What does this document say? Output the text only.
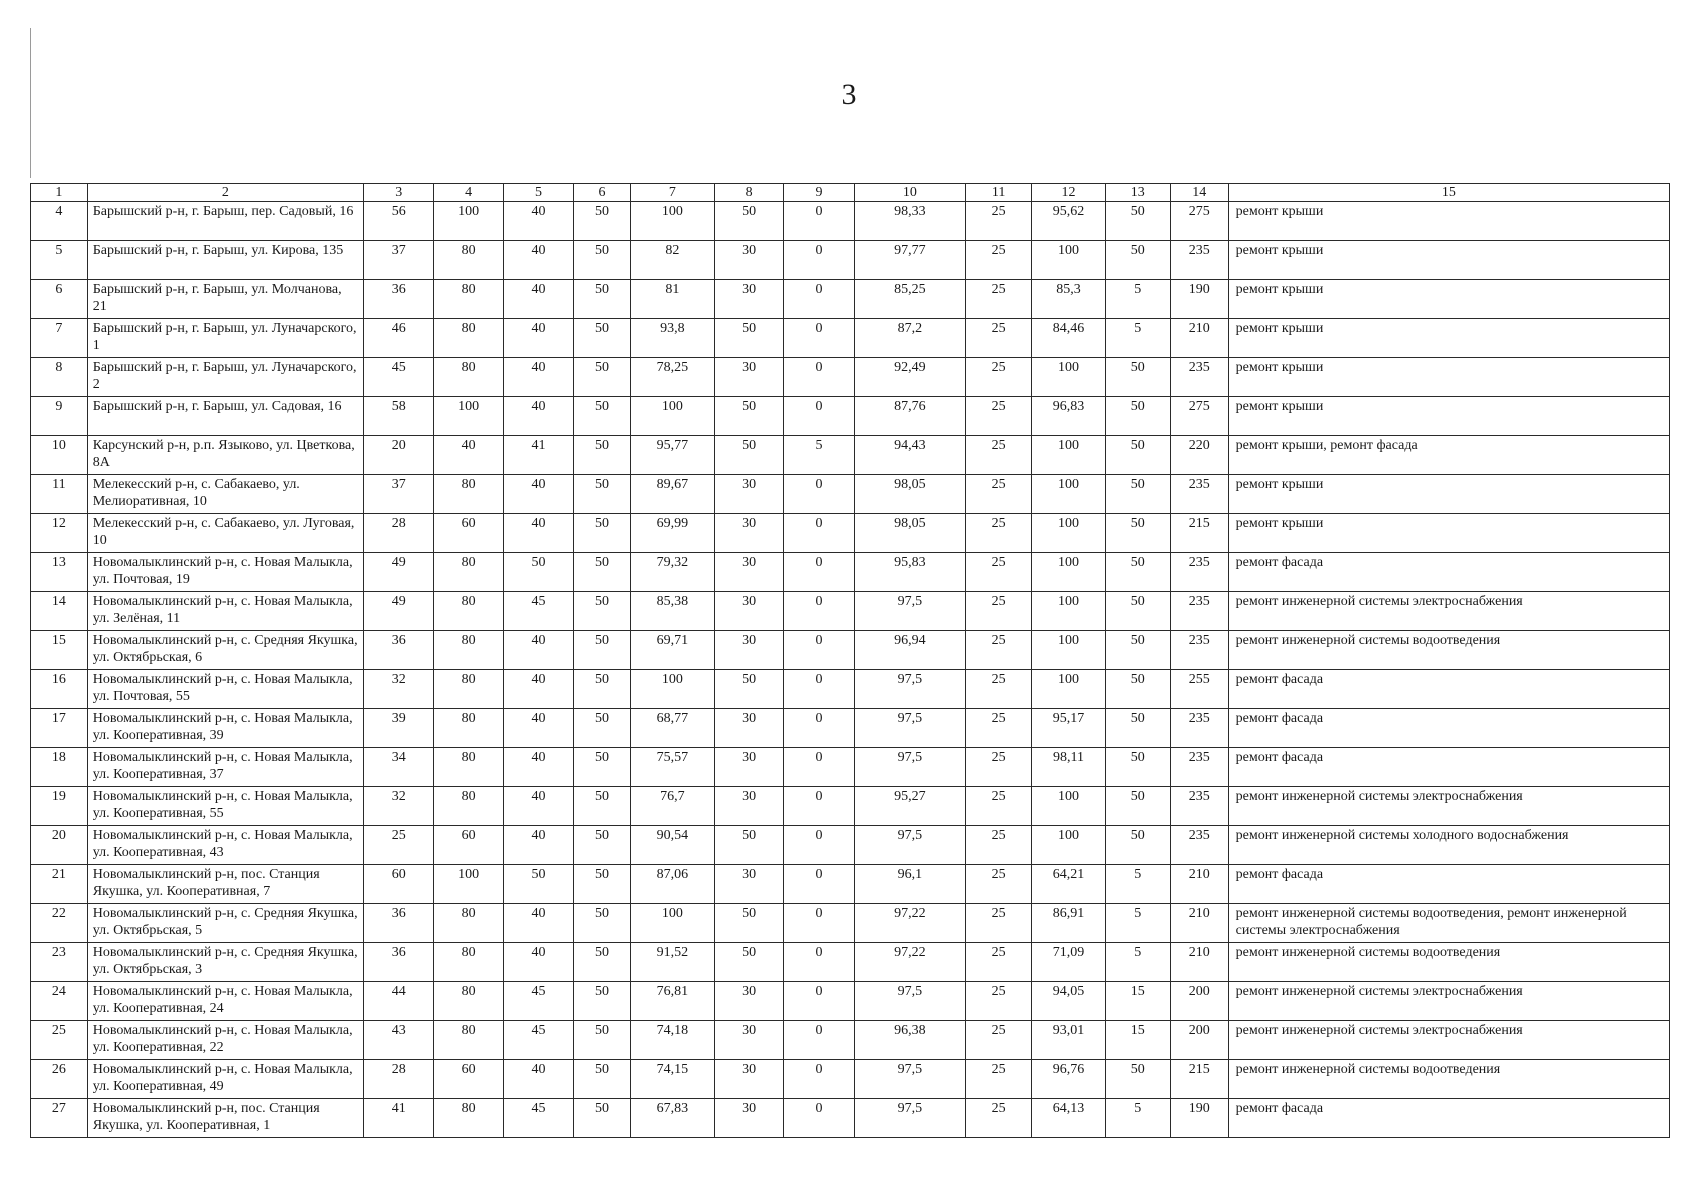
3
1	2	3	4	5	6	7	8	9	10	11	12	13	14	15
4	Барышский р-н, г. Барыш, пер. Садовый, 16	56	100	40	50	100	50	0	98,33	25	95,62	50	275	ремонт крыши
5	Барышский р-н, г. Барыш, ул. Кирова, 135	37	80	40	50	82	30	0	97,77	25	100	50	235	ремонт крыши
6	Барышский р-н, г. Барыш, ул. Молчанова, 21	36	80	40	50	81	30	0	85,25	25	85,3	5	190	ремонт крыши
7	Барышский р-н, г. Барыш, ул. Луначарского, 1	46	80	40	50	93,8	50	0	87,2	25	84,46	5	210	ремонт крыши
8	Барышский р-н, г. Барыш, ул. Луначарского, 2	45	80	40	50	78,25	30	0	92,49	25	100	50	235	ремонт крыши
9	Барышский р-н, г. Барыш, ул. Садовая, 16	58	100	40	50	100	50	0	87,76	25	96,83	50	275	ремонт крыши
10	Карсунский р-н, р.п. Языково, ул. Цветкова, 8А	20	40	41	50	95,77	50	5	94,43	25	100	50	220	ремонт крыши, ремонт фасада
11	Мелекесский р-н, с. Сабакаево, ул. Мелиоративная, 10	37	80	40	50	89,67	30	0	98,05	25	100	50	235	ремонт крыши
12	Мелекесский р-н, с. Сабакаево, ул. Луговая, 10	28	60	40	50	69,99	30	0	98,05	25	100	50	215	ремонт крыши
13	Новомалыклинский р-н, с. Новая Малыкла, ул. Почтовая, 19	49	80	50	50	79,32	30	0	95,83	25	100	50	235	ремонт фасада
14	Новомалыклинский р-н, с. Новая Малыкла, ул. Зелёная, 11	49	80	45	50	85,38	30	0	97,5	25	100	50	235	ремонт инженерной системы электроснабжения
15	Новомалыклинский р-н, с. Средняя Якушка, ул. Октябрьская, 6	36	80	40	50	69,71	30	0	96,94	25	100	50	235	ремонт инженерной системы водоотведения
16	Новомалыклинский р-н, с. Новая Малыкла, ул. Почтовая, 55	32	80	40	50	100	50	0	97,5	25	100	50	255	ремонт фасада
17	Новомалыклинский р-н, с. Новая Малыкла, ул. Кооперативная, 39	39	80	40	50	68,77	30	0	97,5	25	95,17	50	235	ремонт фасада
18	Новомалыклинский р-н, с. Новая Малыкла, ул. Кооперативная, 37	34	80	40	50	75,57	30	0	97,5	25	98,11	50	235	ремонт фасада
19	Новомалыклинский р-н, с. Новая Малыкла, ул. Кооперативная, 55	32	80	40	50	76,7	30	0	95,27	25	100	50	235	ремонт инженерной системы электроснабжения
20	Новомалыклинский р-н, с. Новая Малыкла, ул. Кооперативная, 43	25	60	40	50	90,54	50	0	97,5	25	100	50	235	ремонт инженерной системы холодного водоснабжения
21	Новомалыклинский р-н, пос. Станция Якушка, ул. Кооперативная, 7	60	100	50	50	87,06	30	0	96,1	25	64,21	5	210	ремонт фасада
22	Новомалыклинский р-н, с. Средняя Якушка, ул. Октябрьская, 5	36	80	40	50	100	50	0	97,22	25	86,91	5	210	ремонт инженерной системы водоотведения, ремонт инженерной системы электроснабжения
23	Новомалыклинский р-н, с. Средняя Якушка, ул. Октябрьская, 3	36	80	40	50	91,52	50	0	97,22	25	71,09	5	210	ремонт инженерной системы водоотведения
24	Новомалыклинский р-н, с. Новая Малыкла, ул. Кооперативная, 24	44	80	45	50	76,81	30	0	97,5	25	94,05	15	200	ремонт инженерной системы электроснабжения
25	Новомалыклинский р-н, с. Новая Малыкла, ул. Кооперативная, 22	43	80	45	50	74,18	30	0	96,38	25	93,01	15	200	ремонт инженерной системы электроснабжения
26	Новомалыклинский р-н, с. Новая Малыкла, ул. Кооперативная, 49	28	60	40	50	74,15	30	0	97,5	25	96,76	50	215	ремонт инженерной системы водоотведения
27	Новомалыклинский р-н, пос. Станция Якушка, ул. Кооперативная, 1	41	80	45	50	67,83	30	0	97,5	25	64,13	5	190	ремонт фасада
